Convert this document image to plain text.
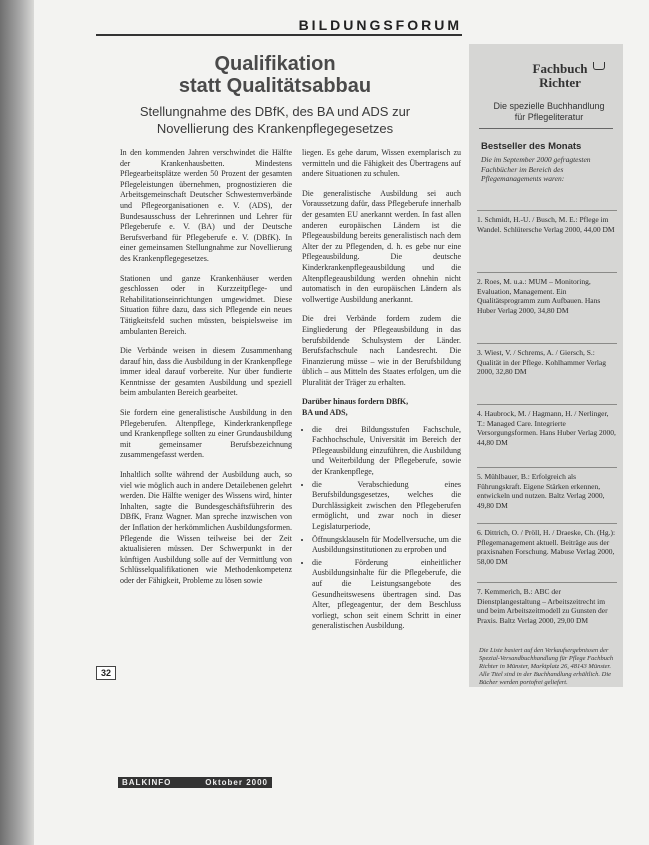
BILDUNGSFORUM
Qualifikation
statt Qualitätsabbau
Stellungnahme des DBfK, des BA und ADS zur
Novellierung des Krankenpflegegesetzes

In den kommenden Jahren verschwindet die Hälfte der Krankenhausbetten. Mindestens Pflegearbeitsplätze werden 50 Prozent der gesamten Pflegeleistungen übernehmen, prognostizieren die Arbeitsgemeinschaft Deutscher Schwesternverbände und Pflegeorganisationen e. V. (ADS), der Bundesausschuss der Lehrerinnen und Lehrer für Pflegeberufe e. V. (BA) und der Deutsche Berufsverband für Pflegeberufe e. V. (DBfK). In einer gemeinsamen Stellungnahme zur Novellierung des Krankenpflegegesetzes.

Stationen und ganze Krankenhäuser werden geschlossen oder in Kurzzeitpflege- und Rehabilitationseinrichtungen umgewidmet. Diese Situation führe dazu, dass sich Pflegende ein neues Tätigkeitsfeld suchen müssten, beispielsweise im ambulanten Bereich.

Die Verbände weisen in diesem Zusammenhang darauf hin, dass die Ausbildung in der Krankenpflege immer ideal darauf vorbereite. Nur über fundierte Kenntnisse der gesamten Ausbildung und speziell beim ambulanten Bereich gearbeitet.

Sie fordern eine generalistische Ausbildung in den Pflegeberufen. Altenpflege, Kinderkrankenpflege und Krankenpflege sollten zu einer Grundausbildung mit gemeinsamer Berufsbezeichnung zusammengefasst werden.

Inhaltlich sollte während der Ausbildung auch, so viel wie möglich auch in andere Detailebenen gelehrt werden. Die Hälfte weniger des Wissens wird, hinter Inhalten, sagte die Bundesgeschäftsführerin des DBfK, Franz Wagner. Man spreche inzwischen von der Inflation der herkömmlichen Ausbildungsformen. Pflegende die Wissen teilweise bei der Zeit aktualisieren müssen. Der Schwerpunkt in der künftigen Ausbildung solle auf der Vermittlung von Schlüsselqualifikationen wie Methodenkompetenz oder der Fähigkeit, Probleme zu lösen sowie

liegen. Es gehe darum, Wissen exemplarisch zu vermitteln und die Fähigkeit des Übertragens auf andere Situationen zu schulen.

Die generalistische Ausbildung sei auch Voraussetzung dafür, dass Pflegeberufe innerhalb der gesamten EU anerkannt werden. In fast allen anderen europäischen Ländern ist die Pflegeausbildung bereits generalistisch nach dem Alter der zu Pflegenden, d. h. es gebe nur eine Pflegeausbildung. Die deutsche Kinderkrankenpflegeausbildung und die Altenpflegeausbildung werden ohnehin nicht automatisch in den europäischen Ländern als vollwertige Ausbildung anerkannt.

Die drei Verbände fordern zudem die Eingliederung der Pflegeausbildung in das berufsbildende Schulsystem der Länder. Berufsfachschule nach Landesrecht. Die Finanzierung müsse – wie in der Berufsbildung üblich – aus Mitteln des Staates erfolgen, um die Pluralität der Träger zu erhalten.

Darüber hinaus fordern DBfK,
BA und ADS,
• die drei Bildungsstufen Fachschule, Fachhochschule, Universität im Bereich der Pflegeausbildung einzuführen, die Ausbildung und Weiterbildung der Pflegeberufe, sowie der Krankenpflege,
• die Verabschiedung eines Berufsbildungsgesetzes, welches die Durchlässigkeit zwischen den Pflegeberufen ermöglicht, und zwar noch in dieser Legislaturperiode,
• Öffnungsklauseln für Modellversuche, um die Ausbildungsinstitutionen zu erproben und
• die Förderung einheitlicher Ausbildungsinhalte für die Pflegeberufe, die auf die Leistungsangebote des Gesundheitswesens übertragen sind. Das Alter, pflegeagentur, der dem Beschluss vorliegt, schon seit einem Schritt in einer generalistischen Ausbildung.
32
BALKINFO	Oktober 2000
Fachbuch
Richter
Die spezielle Buchhandlung
für Pflegeliteratur
Bestseller des Monats
Die im September 2000 gefragtesten Fachbücher im Bereich des Pflegemanagements waren:
1. Schmidt, H.-U. / Busch, M. E.: Pflege im Wandel. Schlütersche Verlag 2000, 44,00 DM
2. Roes, M. u.a.: MUM – Monitoring, Evaluation, Management. Ein Qualitätsprogramm zum Aufbauen. Hans Huber Verlag 2000, 34,80 DM
3. Wiest, V. / Schrems, A. / Giersch, S.: Qualität in der Pflege. Kohlhammer Verlag 2000, 32,80 DM
4. Haubrock, M. / Hagmann, H. / Nerlinger, T.: Managed Care. Integrierte Versorgungsformen. Hans Huber Verlag 2000, 44,80 DM
5. Mühlbauer, B.: Erfolgreich als Führungskraft. Eigene Stärken erkennen, entwickeln und nutzen. Baltz Verlag 2000, 49,80 DM
6. Dittrich, O. / Pröll, H. / Draeske, Ch. (Hg.): Pflegemanagement aktuell. Beiträge aus der praxisnahen Forschung. Mabuse Verlag 2000, 58,00 DM
7. Kemmerich, B.: ABC der Dienstplangestaltung – Arbeitszeitrecht im und beim Arbeitszeitmodell zu Gunsten der Praxis. Baltz Verlag 2000, 29,00 DM
Die Liste basiert auf den Verkaufsergebnissen der Spezial-Versandbuchhandlung für Pflege Fachbuch Richter in Münster, Marktplatz 26, 48143 Münster. Alle Titel sind in der Buchhandlung erhältlich. Die Bücher werden portofrei geliefert.
